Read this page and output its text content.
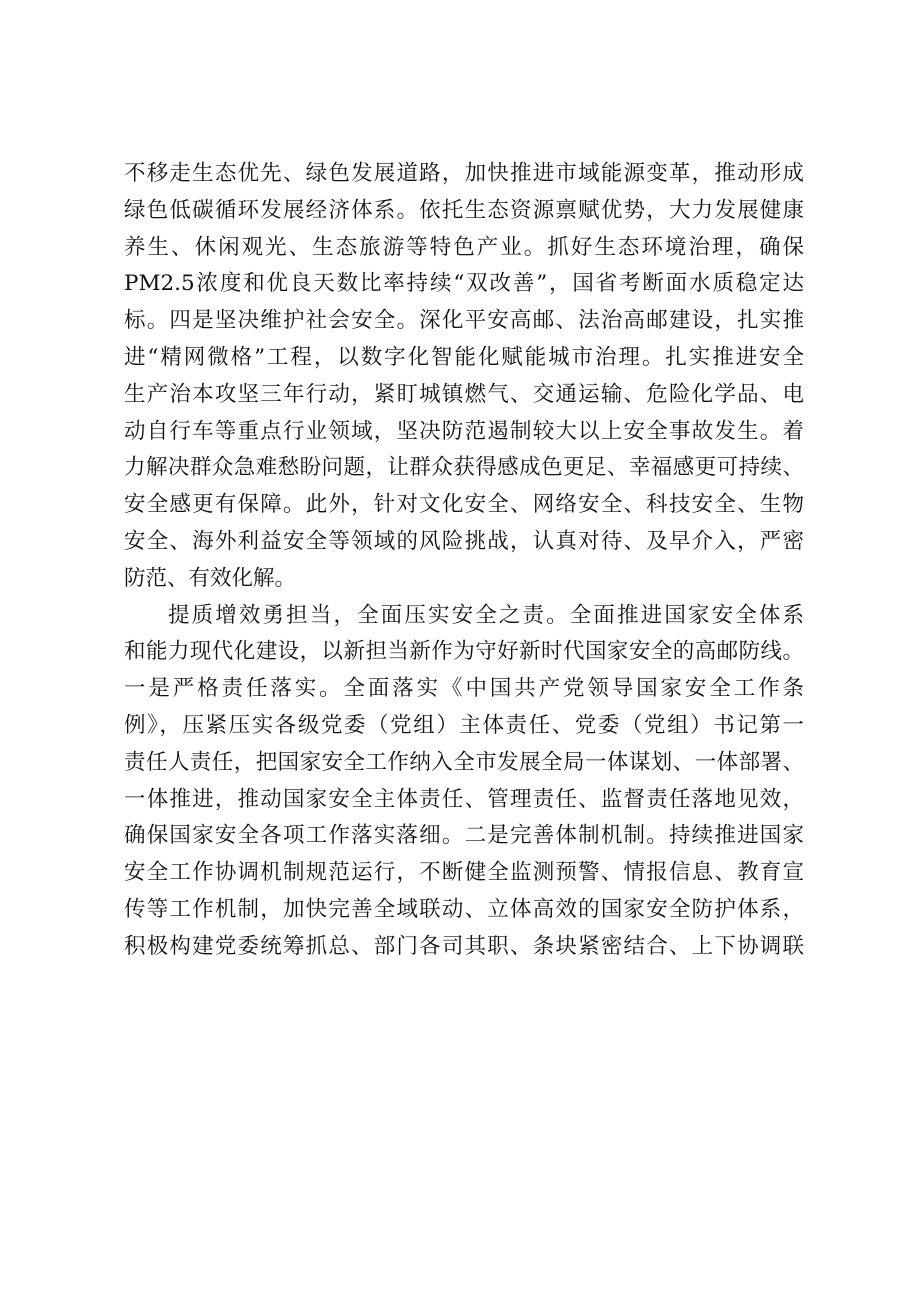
不移走生态优先、绿色发展道路，加快推进市域能源变革，推动形成
绿色低碳循环发展经济体系。依托生态资源禀赋优势，大力发展健康
养生、休闲观光、生态旅游等特色产业。抓好生态环境治理，确保
PM2.5浓度和优良天数比率持续“双改善”，国省考断面水质稳定达
标。四是坚决维护社会安全。深化平安高邮、法治高邮建设，扎实推
进“精网微格”工程，以数字化智能化赋能城市治理。扎实推进安全
生产治本攻坚三年行动，紧盯城镇燃气、交通运输、危险化学品、电
动自行车等重点行业领域，坚决防范遏制较大以上安全事故发生。着
力解决群众急难愁盼问题，让群众获得感成色更足、幸福感更可持续、
安全感更有保障。此外，针对文化安全、网络安全、科技安全、生物
安全、海外利益安全等领域的风险挑战，认真对待、及早介入，严密
防范、有效化解。
提质增效勇担当，全面压实安全之责。全面推进国家安全体系
和能力现代化建设，以新担当新作为守好新时代国家安全的高邮防线。
一是严格责任落实。全面落实《中国共产党领导国家安全工作条
例》，压紧压实各级党委（党组）主体责任、党委（党组）书记第一
责任人责任，把国家安全工作纳入全市发展全局一体谋划、一体部署、
一体推进，推动国家安全主体责任、管理责任、监督责任落地见效，
确保国家安全各项工作落实落细。二是完善体制机制。持续推进国家
安全工作协调机制规范运行，不断健全监测预警、情报信息、教育宣
传等工作机制，加快完善全域联动、立体高效的国家安全防护体系，
积极构建党委统筹抓总、部门各司其职、条块紧密结合、上下协调联
